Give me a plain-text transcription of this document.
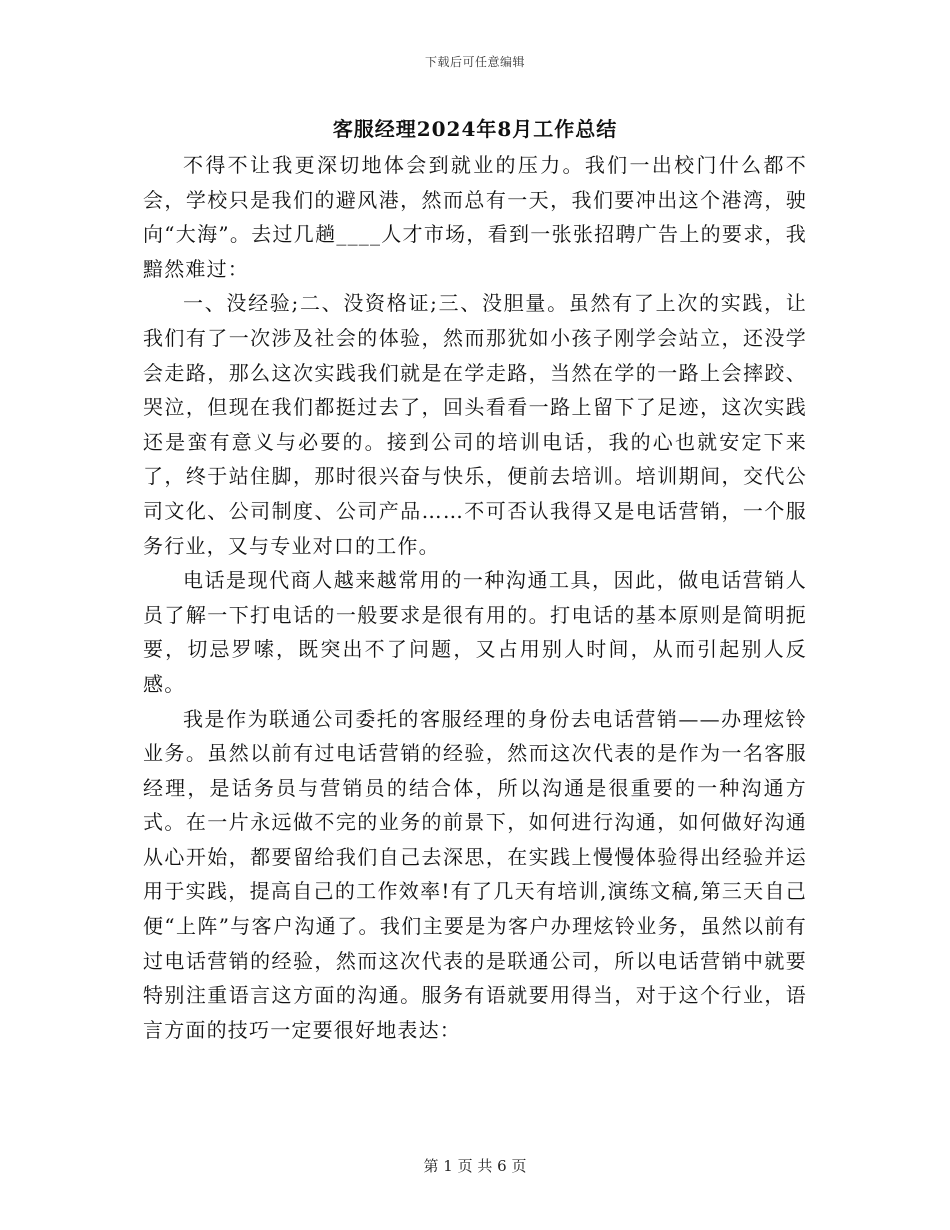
下载后可任意编辑
客服经理2024年8月工作总结

不得不让我更深切地体会到就业的压力。我们一出校门什么都不会，学校只是我们的避风港，然而总有一天，我们要冲出这个港湾，驶向“大海”。去过几趟____人才市场，看到一张张招聘广告上的要求，我黯然难过：

一、没经验;二、没资格证;三、没胆量。虽然有了上次的实践，让我们有了一次涉及社会的体验，然而那犹如小孩子刚学会站立，还没学会走路，那么这次实践我们就是在学走路，当然在学的一路上会摔跤、哭泣，但现在我们都挺过去了，回头看看一路上留下了足迹，这次实践还是蛮有意义与必要的。接到公司的培训电话，我的心也就安定下来了，终于站住脚，那时很兴奋与快乐，便前去培训。培训期间，交代公司文化、公司制度、公司产品……不可否认我得又是电话营销，一个服务行业，又与专业对口的工作。

电话是现代商人越来越常用的一种沟通工具，因此，做电话营销人员了解一下打电话的一般要求是很有用的。打电话的基本原则是简明扼要，切忌罗嗦，既突出不了问题，又占用别人时间，从而引起别人反感。

我是作为联通公司委托的客服经理的身份去电话营销——办理炫铃业务。虽然以前有过电话营销的经验，然而这次代表的是作为一名客服经理，是话务员与营销员的结合体，所以沟通是很重要的一种沟通方式。在一片永远做不完的业务的前景下，如何进行沟通，如何做好沟通从心开始，都要留给我们自己去深思，在实践上慢慢体验得出经验并运用于实践，提高自己的工作效率!有了几天有培训,演练文稿,第三天自己便“上阵”与客户沟通了。我们主要是为客户办理炫铃业务，虽然以前有过电话营销的经验，然而这次代表的是联通公司，所以电话营销中就要特别注重语言这方面的沟通。服务有语就要用得当，对于这个行业，语言方面的技巧一定要很好地表达：

第 1 页 共 6 页
